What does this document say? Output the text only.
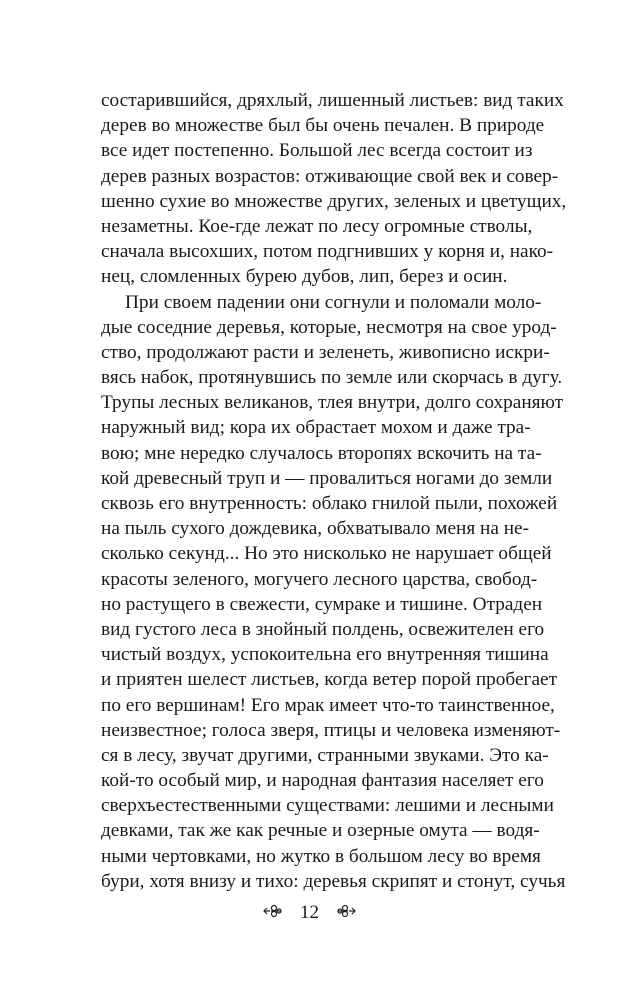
состарившийся, дряхлый, лишенный листьев: вид таких
дерев во множестве был бы очень печален. В природе
все идет постепенно. Большой лес всегда состоит из
дерев разных возрастов: отживающие свой век и совер-
шенно сухие во множестве других, зеленых и цветущих,
незаметны. Кое-где лежат по лесу огромные стволы,
сначала высохших, потом подгнивших у корня и, нако-
нец, сломленных бурею дубов, лип, берез и осин.
При своем падении они согнули и поломали моло-
дые соседние деревья, которые, несмотря на свое урод-
ство, продолжают расти и зеленеть, живописно искри-
вясь набок, протянувшись по земле или скорчась в дугу.
Трупы лесных великанов, тлея внутри, долго сохраняют
наружный вид; кора их обрастает мохом и даже тра-
вою; мне нередко случалось второпях вскочить на та-
кой древесный труп и — провалиться ногами до земли
сквозь его внутренность: облако гнилой пыли, похожей
на пыль сухого дождевика, обхватывало меня на не-
сколько секунд... Но это нисколько не нарушает общей
красоты зеленого, могучего лесного царства, свобод-
но растущего в свежести, сумраке и тишине. Отраден
вид густого леса в знойный полдень, освежителен его
чистый воздух, успокоительна его внутренняя тишина
и приятен шелест листьев, когда ветер порой пробегает
по его вершинам! Его мрак имеет что-то таинственное,
неизвестное; голоса зверя, птицы и человека изменяют-
ся в лесу, звучат другими, странными звуками. Это ка-
кой-то особый мир, и народная фантазия населяет его
сверхъестественными существами: лешими и лесными
девками, так же как речные и озерные омута — водя-
ными чертовками, но жутко в большом лесу во время
бури, хотя внизу и тихо: деревья скрипят и стонут, сучья
12
